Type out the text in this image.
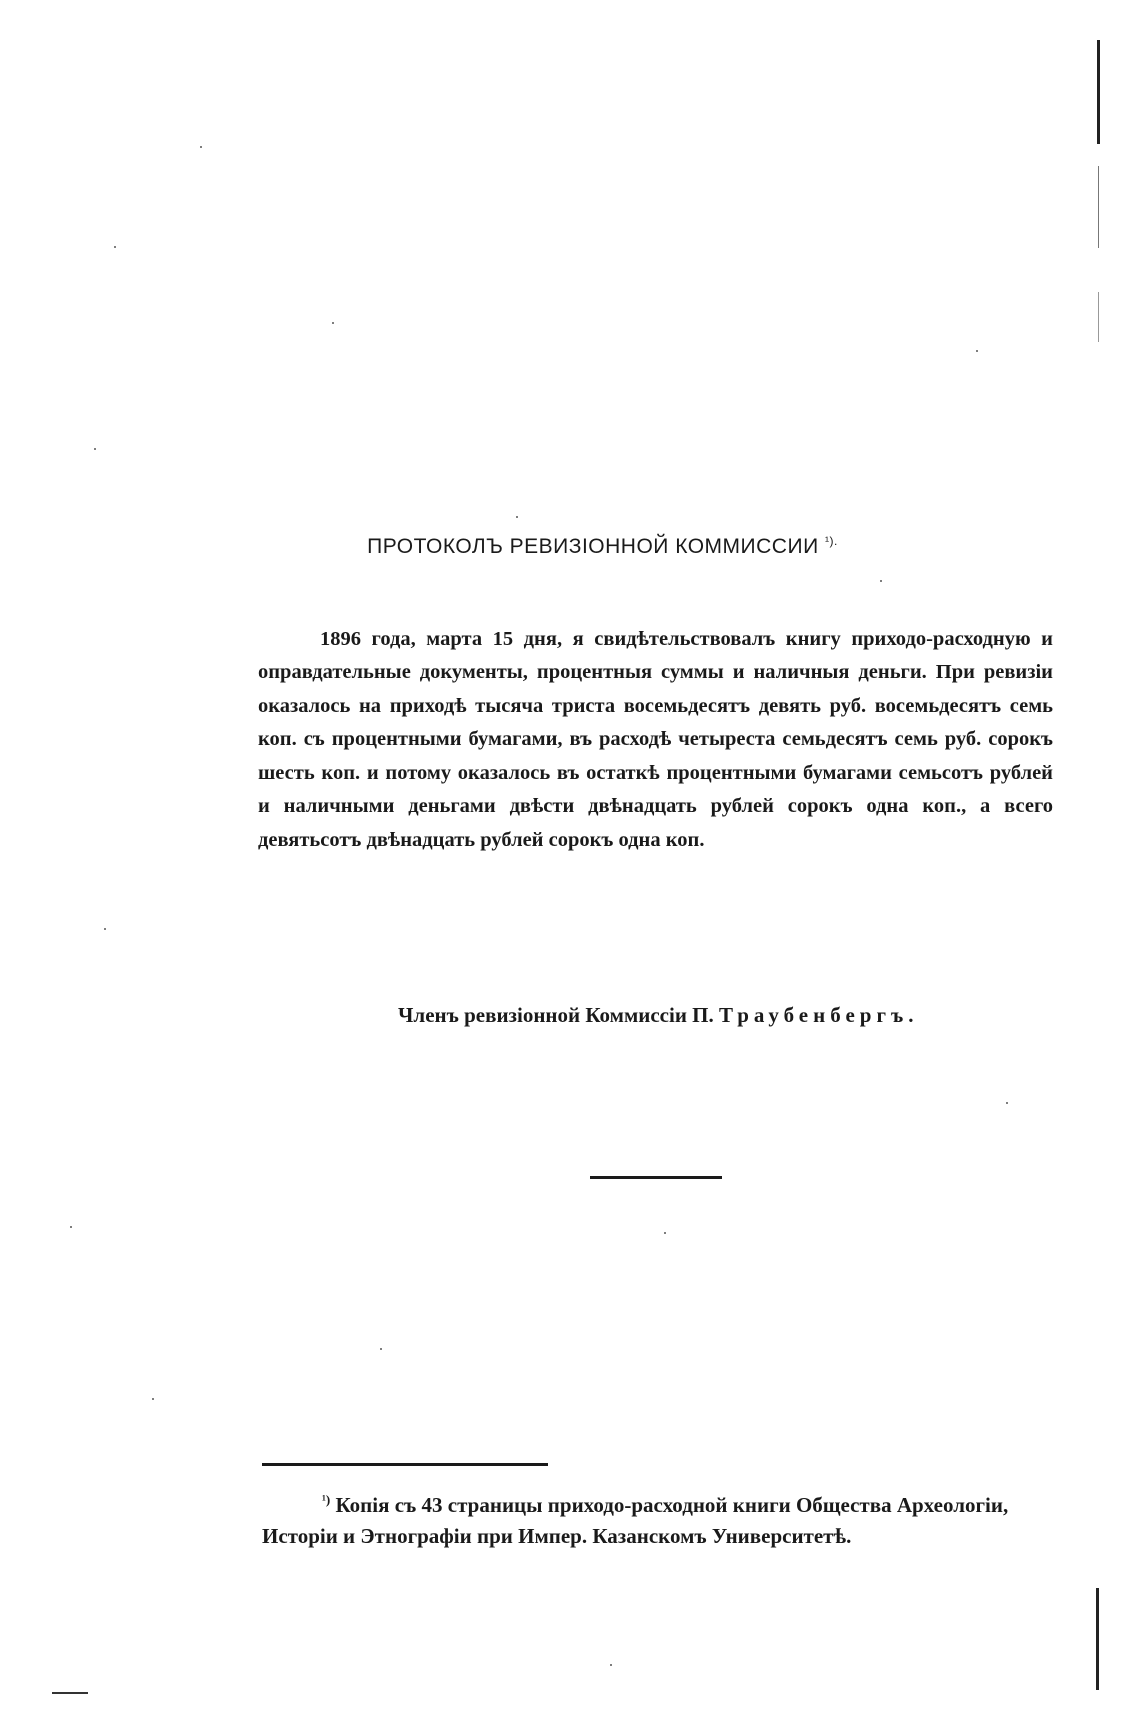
ПРОТОКОЛЪ РЕВИЗIОННОЙ КОММИССИИ $^{^1).}$

1896 года, марта 15 дня, я свидѣтельствовалъ книгу приходо-расходную и оправдательные документы, процентныя суммы и наличныя деньги. При ревизiи оказалось на приходѣ тысяча триста восемьдесятъ девять руб. восемьдесятъ семь коп. съ процентными бумагами, въ расходѣ четыреста семьдесятъ семь руб. сорокъ шесть коп. и потому оказалось въ остаткѣ процентными бумагами семьсотъ рублей и наличными деньгами двѣсти двѣнадцать рублей сорокъ одна коп., а всего девятьсотъ двѣнадцать рублей сорокъ одна коп.

Членъ ревизiонной Коммиссiи П. Траубенбергъ.
$^{^1)}$ Копiя съ 43 страницы приходо-расходной книги Общества Археологiи,
Исторiи и Этнографiи при Импер. Казанскомъ Университетѣ.
